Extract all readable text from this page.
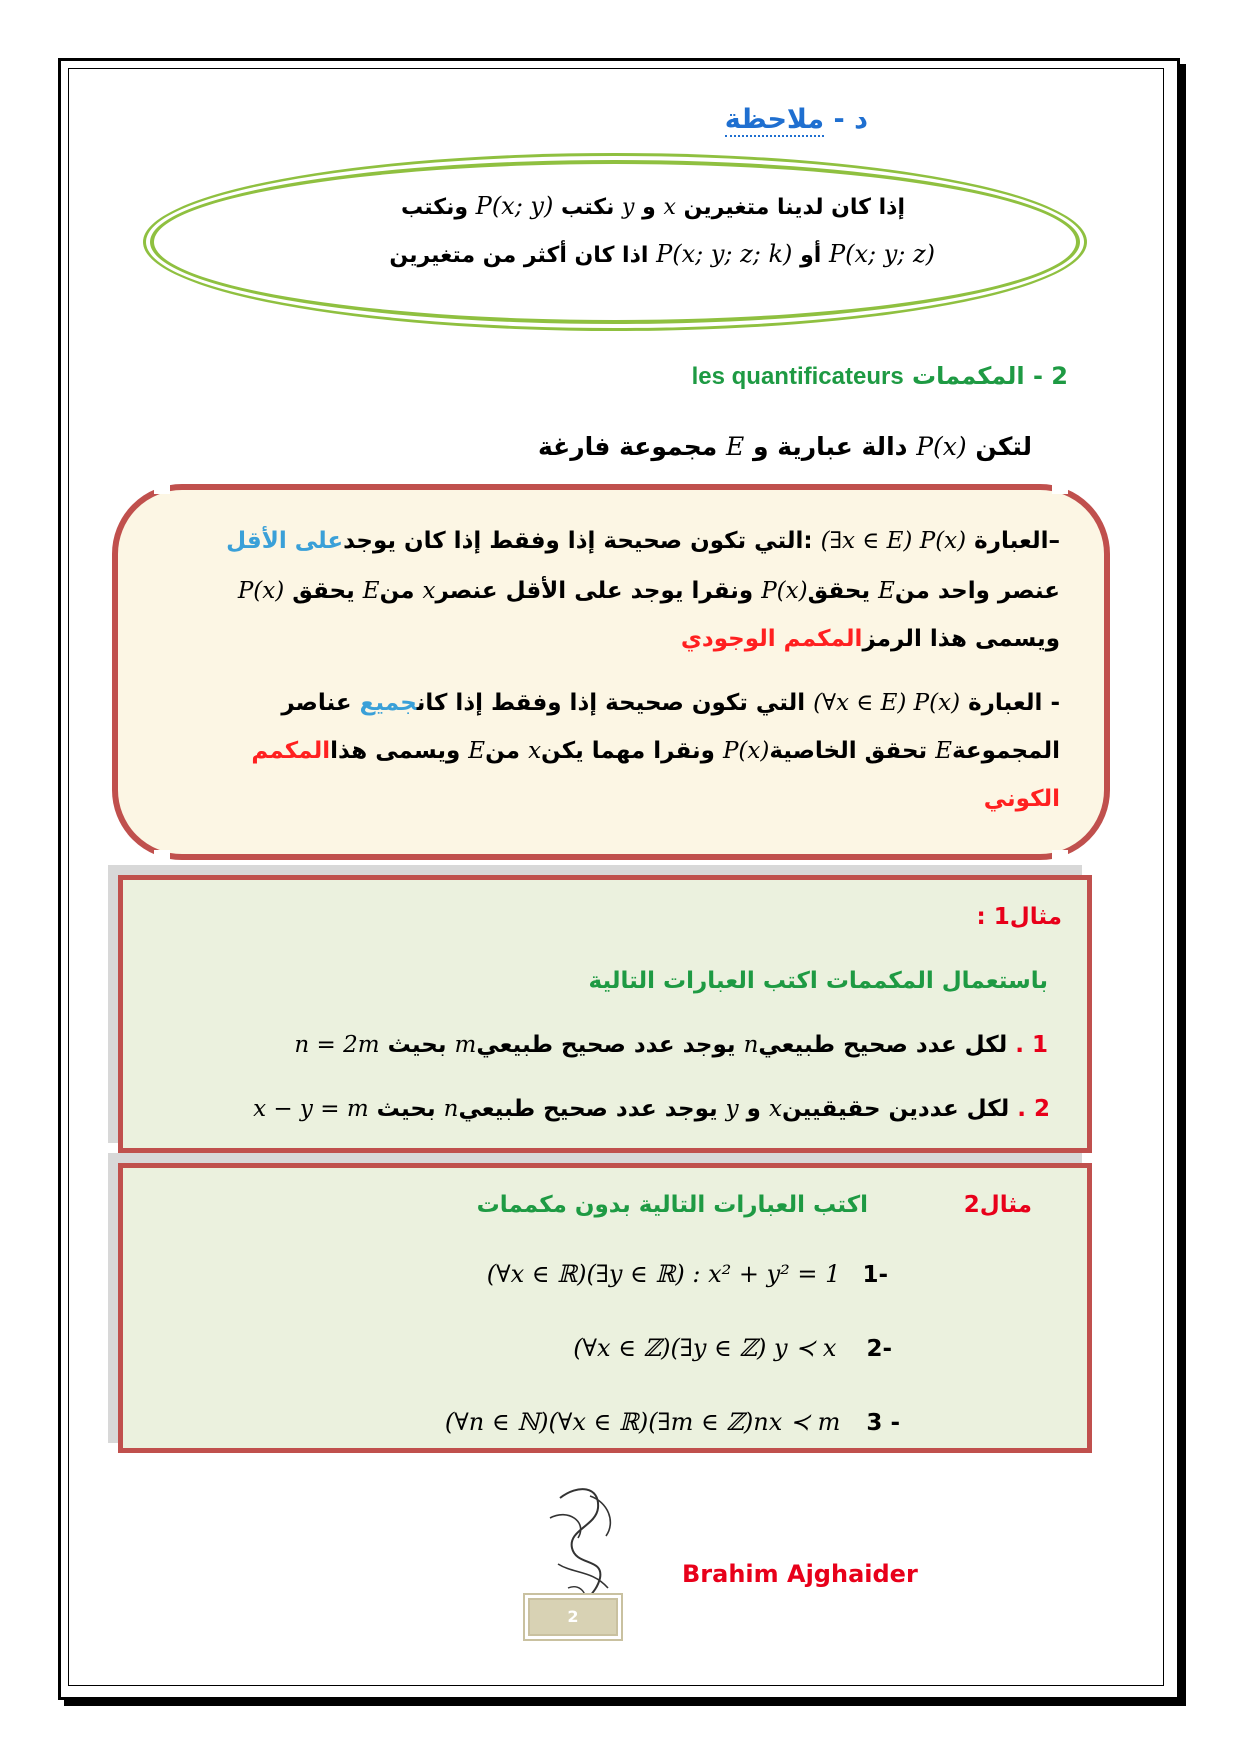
د - ملاحظة
إذا كان لدينا متغيرين x و y نكتب P(x; y) ونكتب
P(x; y; z) أو P(x; y; z; k) اذا كان أكثر من متغيرين
2 - المكممات les quantificateurs
لتكن P(x) دالة عبارية و E مجموعة فارغة
–العبارة (∃x ∈ E) P(x) :التي تكون صحيحة إذا وفقط إذا كان يوجدعلى الأقل
عنصر واحد منE يحققP(x) ونقرا يوجد على الأقل عنصرx منE يحقق P(x)
ويسمى هذا الرمزالمكمم الوجودي
- العبارة (∀x ∈ E) P(x) التي تكون صحيحة إذا وفقط إذا كانجميع عناصر
المجموعةE تحقق الخاصيةP(x) ونقرا مهما يكنx منE ويسمى هذاالمكمم
الكوني
مثال1 :
باستعمال المكممات اكتب العبارات التالية
1 . لكل عدد صحيح طبيعيn يوجد عدد صحيح طبيعيm بحيث n = 2m
2 . لكل عددين حقيقيينx و y يوجد عدد صحيح طبيعيn بحيث x − y = m
مثال2
اكتب العبارات التالية بدون مكممات
-1 (∀x ∈ ℝ)(∃y ∈ ℝ) : x² + y² = 1
-2 (∀x ∈ ℤ)(∃y ∈ ℤ) y ≺ x
- 3 (∀n ∈ ℕ)(∀x ∈ ℝ)(∃m ∈ ℤ)nx ≺ m
Brahim Ajghaider
2
